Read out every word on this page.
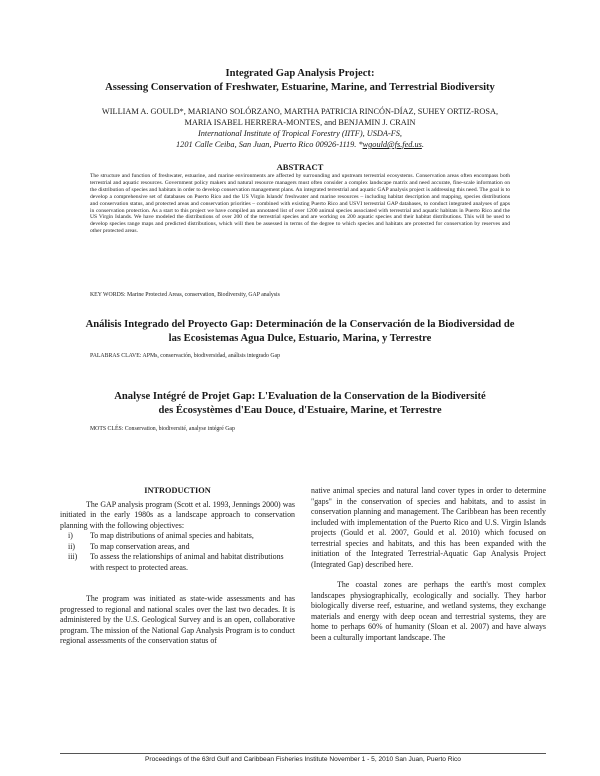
Integrated Gap Analysis Project:
Assessing Conservation of Freshwater, Estuarine, Marine, and Terrestrial Biodiversity
WILLIAM A. GOULD*, MARIANO SOLÓRZANO, MARTHA PATRICIA RINCÓN-DÍAZ, SUHEY ORTIZ-ROSA,
MARIA ISABEL HERRERA-MONTES, and BENJAMIN J. CRAIN
International Institute of Tropical Forestry (IITF), USDA-FS,
1201 Calle Ceiba, San Juan, Puerto Rico 00926-1119. *wgould@fs.fed.us.
ABSTRACT

The structure and function of freshwater, estuarine, and marine environments are affected by surrounding and upstream terrestrial ecosystems. Conservation areas often encompass both terrestrial and aquatic resources. Government policy makers and natural resource managers must often consider a complex landscape matrix and need accurate, fine-scale information on the distribution of species and habitats in order to develop conservation management plans. An integrated terrestrial and aquatic GAP analysis project is addressing this need. The goal is to develop a comprehensive set of databases on Puerto Rico and the US Virgin Islands' freshwater and marine resources – including habitat description and mapping, species distributions and conservation status, and protected areas and conservation priorities – combined with existing Puerto Rico and USVI terrestrial GAP databases, to conduct integrated analyses of gaps in conservation protection. As a start to this project we have compiled an annotated list of over 1200 animal species associated with terrestrial and aquatic habitats in Puerto Rico and the US Virgin Islands. We have modeled the distributions of over 200 of the terrestrial species and are working on 200 aquatic species and their habitat distributions. This will be used to develop species range maps and predicted distributions, which will then be assessed in terms of the degree to which species and habitats are protected for conservation by reserves and other protected areas.

KEY WORDS: Marine Protected Areas, conservation, Biodiversity, GAP analysis
Análisis Integrado del Proyecto Gap: Determinación de la Conservación de la Biodiversidad de
las Ecosistemas Agua Dulce, Estuario, Marina, y Terrestre
PALABRAS CLAVE: APMs, conservación, biodiversidad, análisis integrado Gap
Analyse Intégré de Projet Gap: L'Evaluation de la Conservation de la Biodiversité
des Écosystèmes d'Eau Douce, d'Estuaire, Marine, et Terrestre
MOTS CLÉS: Conservation, biodiversité, analyse intégré Gap
INTRODUCTION

The GAP analysis program (Scott et al. 1993, Jennings 2000) was initiated in the early 1980s as a landscape approach to conservation planning with the following objectives:

i)	To map distributions of animal species and habitats,
ii)	To map conservation areas, and
iii)	To assess the relationships of animal and habitat distributions with respect to protected areas.

The program was initiated as state-wide assessments and has progressed to regional and national scales over the last two decades. It is administered by the U.S. Geological Survey and is an open, collaborative program. The mission of the National Gap Analysis Program is to conduct regional assessments of the conservation status of

native animal species and natural land cover types in order to determine "gaps" in the conservation of species and habitats, and to assist in conservation planning and management. The Caribbean has been recently included with implementation of the Puerto Rico and U.S. Virgin Islands projects (Gould et al. 2007, Gould et al. 2010) which focused on terrestrial species and habitats, and this has been expanded with the initiation of the Integrated Terrestrial-Aquatic Gap Analysis Project (Integrated Gap) described here.

The coastal zones are perhaps the earth's most complex landscapes physiographically, ecologically and socially. They harbor biologically diverse reef, estuarine, and wetland systems, they exchange materials and energy with deep ocean and terrestrial systems, they are home to perhaps 60% of humanity (Sloan et al. 2007) and have always been a culturally important landscape. The

Proceedings of the 63rd Gulf and Caribbean Fisheries Institute November 1 - 5, 2010 San Juan, Puerto Rico
